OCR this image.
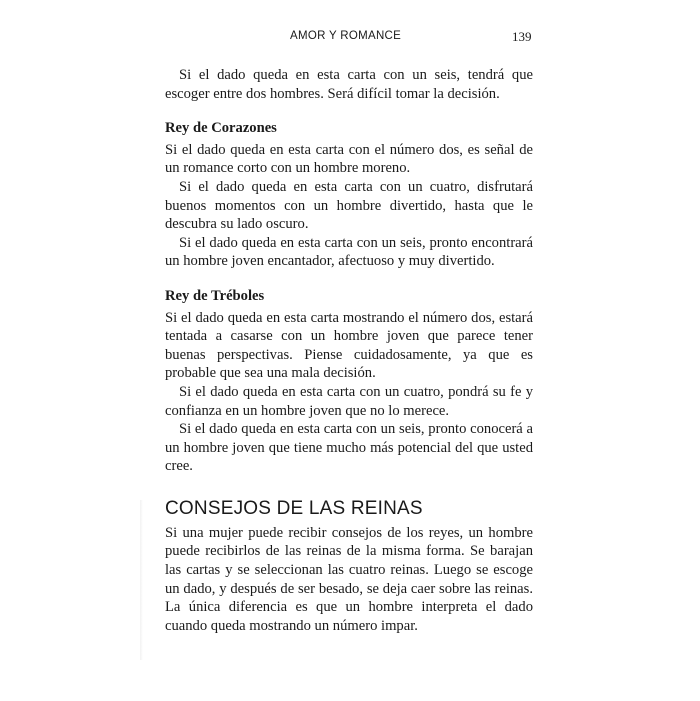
AMOR Y ROMANCE	139

Si el dado queda en esta carta con un seis, tendrá que escoger entre dos hombres. Será difícil tomar la decisión.

Rey de Corazones

Si el dado queda en esta carta con el número dos, es señal de un romance corto con un hombre moreno.

Si el dado queda en esta carta con un cuatro, disfrutará buenos momentos con un hombre divertido, hasta que le descubra su lado oscuro.

Si el dado queda en esta carta con un seis, pronto encontrará un hombre joven encantador, afectuoso y muy divertido.

Rey de Tréboles

Si el dado queda en esta carta mostrando el número dos, estará tentada a casarse con un hombre joven que parece tener buenas perspectivas. Piense cuidadosamente, ya que es probable que sea una mala decisión.

Si el dado queda en esta carta con un cuatro, pondrá su fe y confianza en un hombre joven que no lo merece.

Si el dado queda en esta carta con un seis, pronto conocerá a un hombre joven que tiene mucho más potencial del que usted cree.

CONSEJOS DE LAS REINAS

Si una mujer puede recibir consejos de los reyes, un hombre puede recibirlos de las reinas de la misma forma. Se barajan las cartas y se seleccionan las cuatro reinas. Luego se escoge un dado, y después de ser besado, se deja caer sobre las reinas. La única diferencia es que un hombre interpreta el dado cuando queda mostrando un número impar.
